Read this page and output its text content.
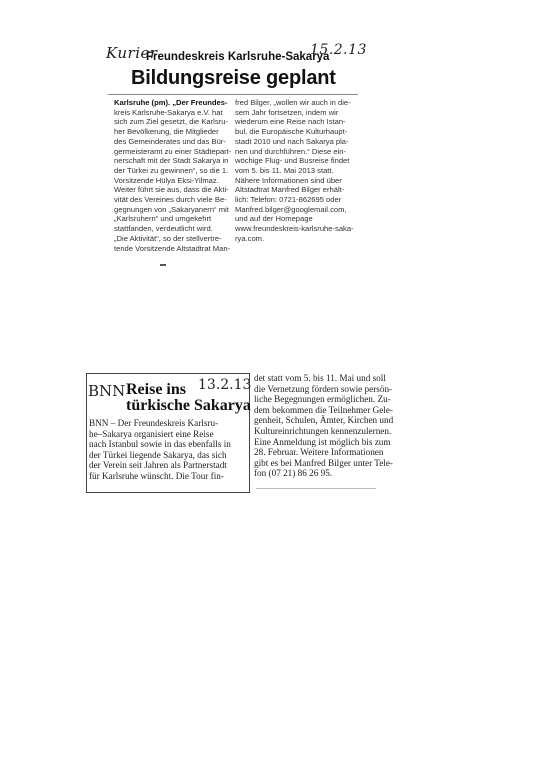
Kurier
Freundeskreis Karlsruhe-Sakarya
15.2.13
Bildungsreise geplant
Karlsruhe (pm). „Der Freundes-
kreis Karlsruhe-Sakarya e.V. hat
sich zum Ziel gesetzt, die Karlsru-
her Bevölkerung, die Mitglieder
des Gemeinderates und das Bür-
germeisteramt zu einer Städtepart-
nerschaft mit der Stadt Sakarya in
der Türkei zu gewinnen“, so die 1.
Vorsitzende Hülya Eksi-Yilmaz.
Weiter führt sie aus, dass die Akti-
vität des Vereines durch viele Be-
gegnungen von „Sakaryanern“ mit
„Karlsruhern“ und umgekehrt
stattfanden, verdeutlicht wird.
„Die Aktivität“, so der stellvertre-
tende Vorsitzende Altstadtrat Man-
fred Bilger, „wollen wir auch in die-
sem Jahr fortsetzen, indem wir
wiederum eine Reise nach Istan-
bul, die Europäische Kulturhaupt-
stadt 2010 und nach Sakarya pla-
nen und durchführen.“ Diese ein-
wöchige Flug- und Busreise findet
vom 5. bis 11. Mai 2013 statt.
Nähere Informationen sind über
Altstadtrat Manfred Bilger erhält-
lich: Telefon: 0721-862695 oder
Manfred.bilger@googlemail.com,
und auf der Homepage
www.freundeskreis-karlsruhe-saka-
rya.com.
BNN Reise ins 13.2.13
türkische Sakarya
BNN – Der Freundeskreis Karlsru-
he–Sakarya organisiert eine Reise
nach Istanbul sowie in das ebenfalls in
der Türkei liegende Sakarya, das sich
der Verein seit Jahren als Partnerstadt
für Karlsruhe wünscht. Die Tour fin-
det statt vom 5. bis 11. Mai und soll
die Vernetzung fördern sowie persön-
liche Begegnungen ermöglichen. Zu-
dem bekommen die Teilnehmer Gele-
genheit, Schulen, Ämter, Kirchen und
Kultureinrichtungen kennenzulernen.
Eine Anmeldung ist möglich bis zum
28. Februar. Weitere Informationen
gibt es bei Manfred Bilger unter Tele-
fon (07 21) 86 26 95.
